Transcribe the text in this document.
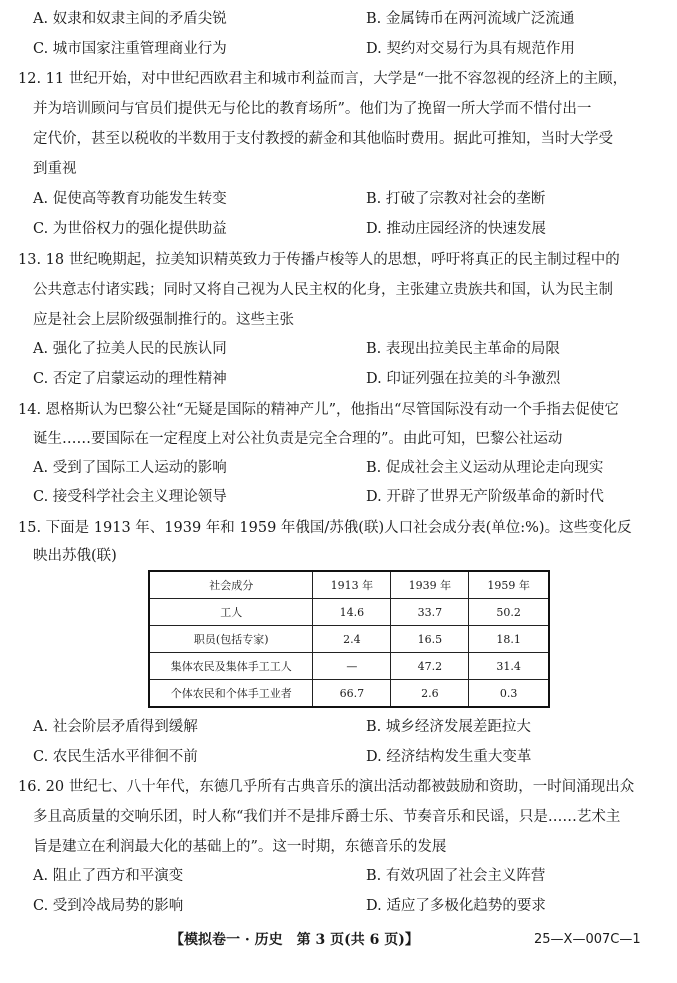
A. 奴隶和奴隶主间的矛盾尖锐	B. 金属铸币在两河流域广泛流通
C. 城市国家注重管理商业行为	D. 契约对交易行为具有规范作用
12. 11 世纪开始，对中世纪西欧君主和城市利益而言，大学是“一批不容忽视的经济上的主顾，
并为培训顾问与官员们提供无与伦比的教育场所”。他们为了挽留一所大学而不惜付出一
定代价，甚至以税收的半数用于支付教授的薪金和其他临时费用。据此可推知，当时大学受
到重视
A. 促使高等教育功能发生转变	B. 打破了宗教对社会的垄断
C. 为世俗权力的强化提供助益	D. 推动庄园经济的快速发展
13. 18 世纪晚期起，拉美知识精英致力于传播卢梭等人的思想，呼吁将真正的民主制过程中的
公共意志付诸实践；同时又将自己视为人民主权的化身，主张建立贵族共和国，认为民主制
应是社会上层阶级强制推行的。这些主张
A. 强化了拉美人民的民族认同	B. 表现出拉美民主革命的局限
C. 否定了启蒙运动的理性精神	D. 印证列强在拉美的斗争激烈
14. 恩格斯认为巴黎公社“无疑是国际的精神产儿”，他指出“尽管国际没有动一个手指去促使它
诞生……要国际在一定程度上对公社负责是完全合理的”。由此可知，巴黎公社运动
A. 受到了国际工人运动的影响	B. 促成社会主义运动从理论走向现实
C. 接受科学社会主义理论领导	D. 开辟了世界无产阶级革命的新时代
15. 下面是 1913 年、1939 年和 1959 年俄国/苏俄(联)人口社会成分表(单位:%)。这些变化反
映出苏俄(联)
社会成分	1913 年	1939 年	1959 年
工人	14.6	33.7	50.2
职员(包括专家)	2.4	16.5	18.1
集体农民及集体手工工人	—	47.2	31.4
个体农民和个体手工业者	66.7	2.6	0.3
A. 社会阶层矛盾得到缓解	B. 城乡经济发展差距拉大
C. 农民生活水平徘徊不前	D. 经济结构发生重大变革
16. 20 世纪七、八十年代，东德几乎所有古典音乐的演出活动都被鼓励和资助，一时间涌现出众
多且高质量的交响乐团，时人称“我们并不是排斥爵士乐、节奏音乐和民谣，只是……艺术主
旨是建立在利润最大化的基础上的”。这一时期，东德音乐的发展
A. 阻止了西方和平演变	B. 有效巩固了社会主义阵营
C. 受到冷战局势的影响	D. 适应了多极化趋势的要求
【模拟卷一 · 历史　第 3 页(共 6 页)】	25—X—007C—1
